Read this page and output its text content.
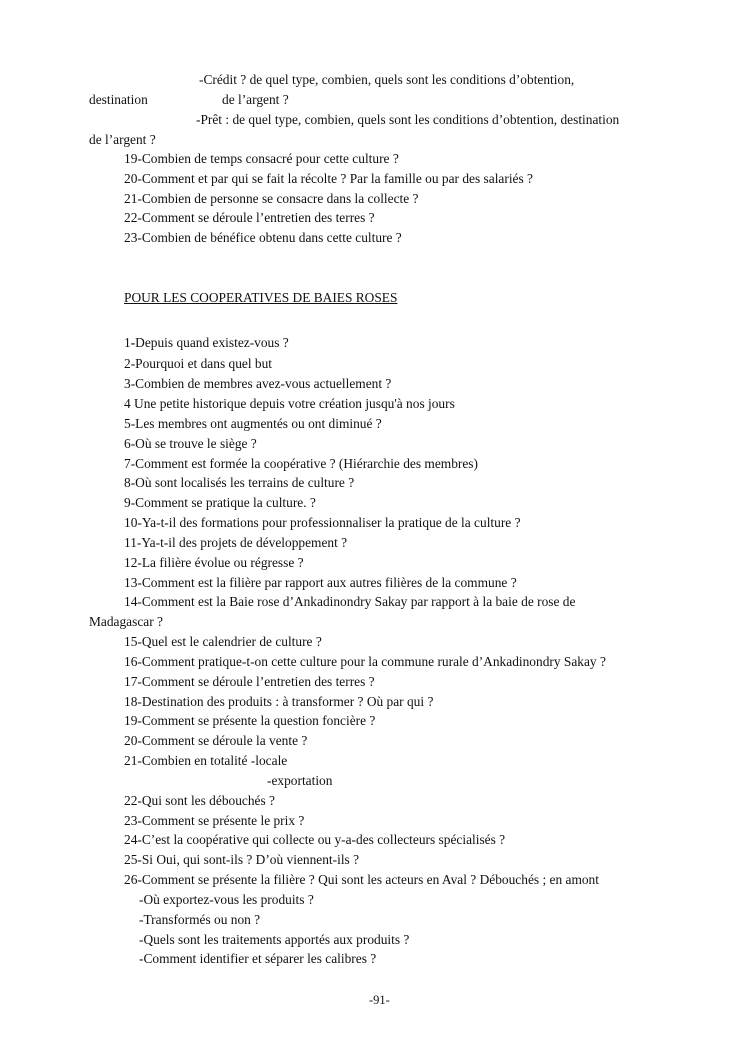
-Crédit ? de quel type, combien, quels sont les conditions d’obtention,
destination	de l’argent ?
-Prêt : de quel type, combien, quels sont les conditions d’obtention, destination
de l’argent ?
19-Combien de temps consacré pour cette culture ?
20-Comment et par qui se fait la récolte ? Par la famille ou par des salariés ?
21-Combien de personne se consacre dans la collecte ?
22-Comment se déroule l’entretien des terres ?
23-Combien de bénéfice obtenu dans cette culture ?
POUR LES COOPERATIVES DE BAIES ROSES
1-Depuis quand existez-vous ?
2-Pourquoi et dans quel but
3-Combien de membres avez-vous actuellement ?
4 Une petite historique depuis votre création jusqu'à nos jours
5-Les membres ont augmentés ou ont diminué ?
6-Où se trouve le siège ?
7-Comment est formée la coopérative ? (Hiérarchie des membres)
8-Où sont localisés les terrains de culture ?
9-Comment se pratique la culture. ?
10-Ya-t-il des formations pour professionnaliser la pratique de la culture ?
11-Ya-t-il des projets de développement ?
12-La filière évolue ou régresse ?
13-Comment est la filière par rapport aux autres filières de la commune ?
14-Comment est la Baie rose d’Ankadinondry Sakay par rapport à la baie de rose de
Madagascar ?
15-Quel est le calendrier de culture ?
16-Comment pratique-t-on cette culture pour la commune rurale d’Ankadinondry Sakay ?
17-Comment se déroule l’entretien des terres ?
18-Destination des produits : à transformer ? Où par qui ?
19-Comment se présente la question foncière ?
20-Comment se déroule la vente ?
21-Combien en totalité -locale
-exportation
22-Qui sont les débouchés ?
23-Comment se présente le prix ?
24-C’est la coopérative qui collecte ou y-a-des collecteurs spécialisés ?
25-Si Oui, qui sont-ils ? D’où viennent-ils ?
26-Comment se présente la filière ? Qui sont les acteurs en Aval ? Débouchés ; en amont
-Où exportez-vous les produits ?
-Transformés ou non ?
-Quels sont les traitements apportés aux produits ?
-Comment identifier et séparer les calibres ?
-91-
